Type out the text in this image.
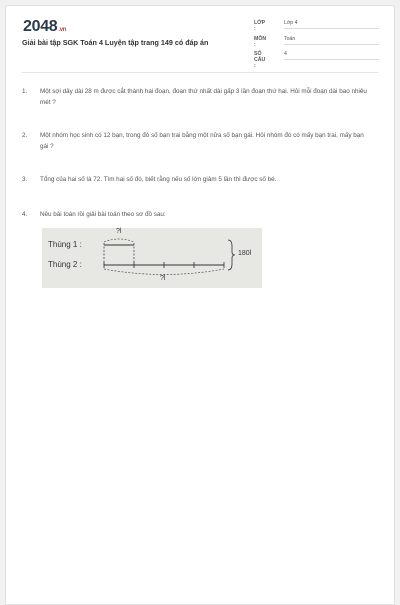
2048.vn
Giải bài tập SGK Toán 4 Luyện tập trang 149 có đáp án
LỚP :
Lớp 4
MÔN :
Toán
SỐ CÂU :
4
1. Một sợi dây dài 28 m được cắt thành hai đoạn, đoạn thứ nhất dài gấp 3 lần đoạn thứ hai. Hỏi mỗi đoạn dài bao nhiêu mét ?
2. Một nhóm học sinh có 12 bạn, trong đó số bạn trai bằng một nửa số bạn gái. Hỏi nhóm đó có mấy bạn trai, mấy bạn gái ?
3. Tổng của hai số là 72. Tìm hai số đó, biết rằng nếu số lớn giảm 5 lần thì được số bé.
4. Nêu bài toán rồi giải bài toán theo sơ đồ sau:
Thùng 1 :
Thùng 2 :
?l
?l
180l
